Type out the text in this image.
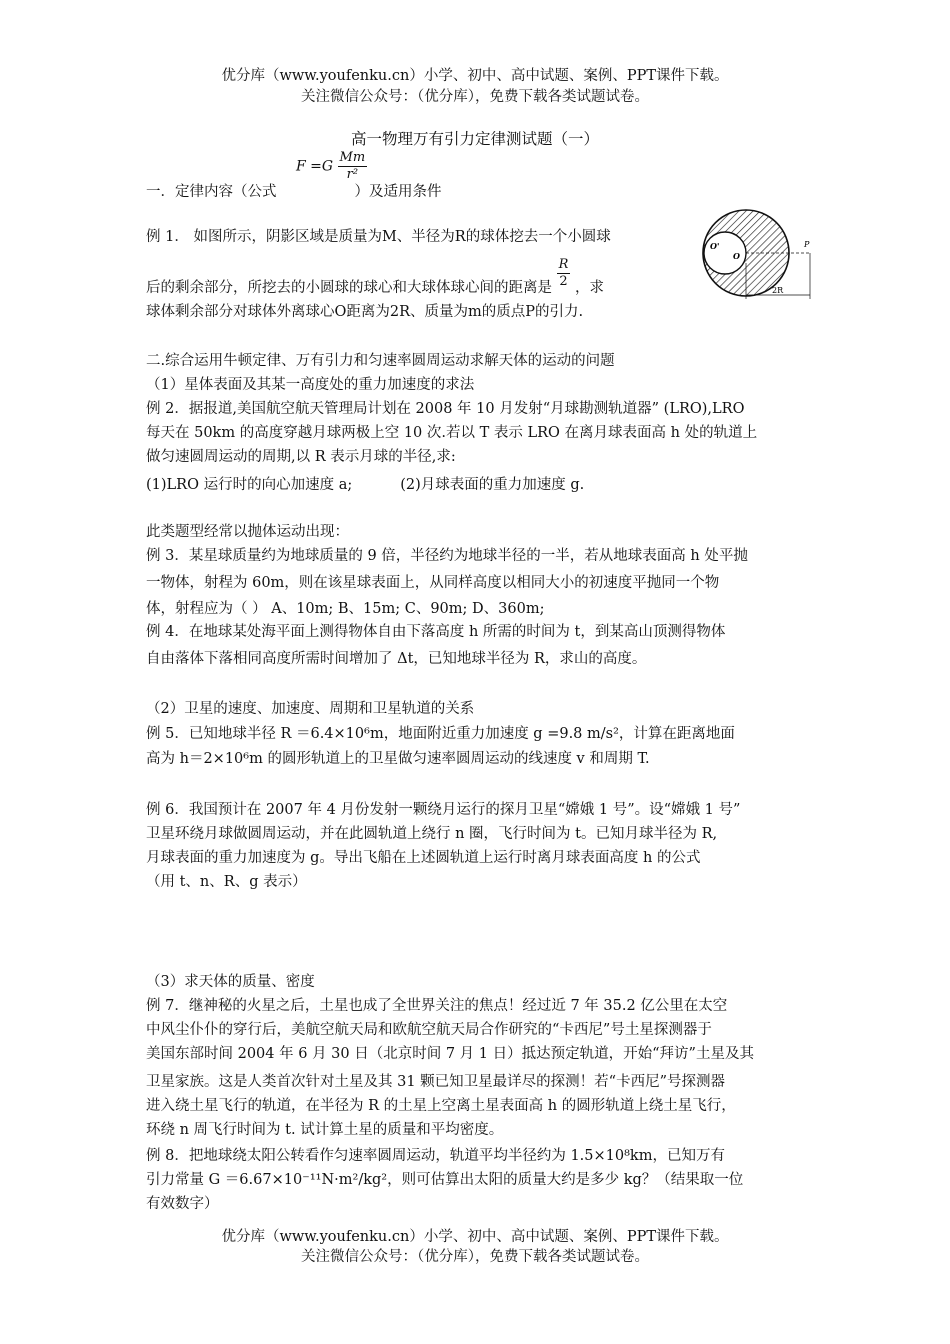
优分库（www.youfenku.cn）小学、初中、高中试题、案例、PPT课件下载。
关注微信公众号：（优分库），免费下载各类试题试卷。
高一物理万有引力定律测试题（一）
$F =G \frac{Mm}{\text{r²}}$
一．定律内容（公式	）及适用条件
例 1． 如图所示，阴影区域是质量为M、半径为R的球体挖去一个小圆球
后的剩余部分，所挖去的小圆球的球心和大球体球心间的距离是 $\frac{R}{2}$ ，求
球体剩余部分对球体外离球心O距离为2R、质量为m的质点P的引力.
O'
O
P
2R
二.综合运用牛顿定律、万有引力和匀速率圆周运动求解天体的运动的问题
（1）星体表面及其某一高度处的重力加速度的求法
例 2．据报道,美国航空航天管理局计划在 2008 年 10 月发射“月球勘测轨道器” (LRO),LRO
每天在 50km 的高度穿越月球两极上空 10 次.若以 T 表示 LRO 在离月球表面高 h 处的轨道上
做匀速圆周运动的周期,以 R 表示月球的半径,求:
(1)LRO 运行时的向心加速度 a;	(2)月球表面的重力加速度 g.
此类题型经常以抛体运动出现：
例 3．某星球质量约为地球质量的 9 倍，半径约为地球半径的一半，若从地球表面高 h 处平抛
一物体，射程为 60m，则在该星球表面上，从同样高度以相同大小的初速度平抛同一个物
体，射程应为（ ） A、10m; B、15m; C、90m; D、360m;
例 4．在地球某处海平面上测得物体自由下落高度 h 所需的时间为 t，到某高山顶测得物体
自由落体下落相同高度所需时间增加了 Δt，已知地球半径为 R，求山的高度。
（2）卫星的速度、加速度、周期和卫星轨道的关系
例 5．已知地球半径 R ＝6.4×10⁶m，地面附近重力加速度 g =9.8 m/s²，计算在距离地面
高为 h＝2×10⁶m 的圆形轨道上的卫星做匀速率圆周运动的线速度 v 和周期 T.
例 6．我国预计在 2007 年 4 月份发射一颗绕月运行的探月卫星“嫦娥 1 号”。设“嫦娥 1 号”
卫星环绕月球做圆周运动，并在此圆轨道上绕行 n 圈，飞行时间为 t。已知月球半径为 R,
月球表面的重力加速度为 g。导出飞船在上述圆轨道上运行时离月球表面高度 h 的公式
（用 t、n、R、g 表示）
（3）求天体的质量、密度
例 7．继神秘的火星之后，土星也成了全世界关注的焦点！经过近 7 年 35.2 亿公里在太空
中风尘仆仆的穿行后，美航空航天局和欧航空航天局合作研究的“卡西尼”号土星探测器于
美国东部时间 2004 年 6 月 30 日（北京时间 7 月 1 日）抵达预定轨道，开始“拜访”土星及其
卫星家族。这是人类首次针对土星及其 31 颗已知卫星最详尽的探测！若“卡西尼”号探测器
进入绕土星飞行的轨道，在半径为 R 的土星上空离土星表面高 h 的圆形轨道上绕土星飞行，
环绕 n 周飞行时间为 t. 试计算土星的质量和平均密度。
例 8．把地球绕太阳公转看作匀速率圆周运动，轨道平均半径约为 1.5×10⁸km，已知万有
引力常量 G ＝6.67×10⁻¹¹N·m²/kg²，则可估算出太阳的质量大约是多少 kg？（结果取一位
有效数字）
优分库（www.youfenku.cn）小学、初中、高中试题、案例、PPT课件下载。
关注微信公众号：（优分库），免费下载各类试题试卷。
